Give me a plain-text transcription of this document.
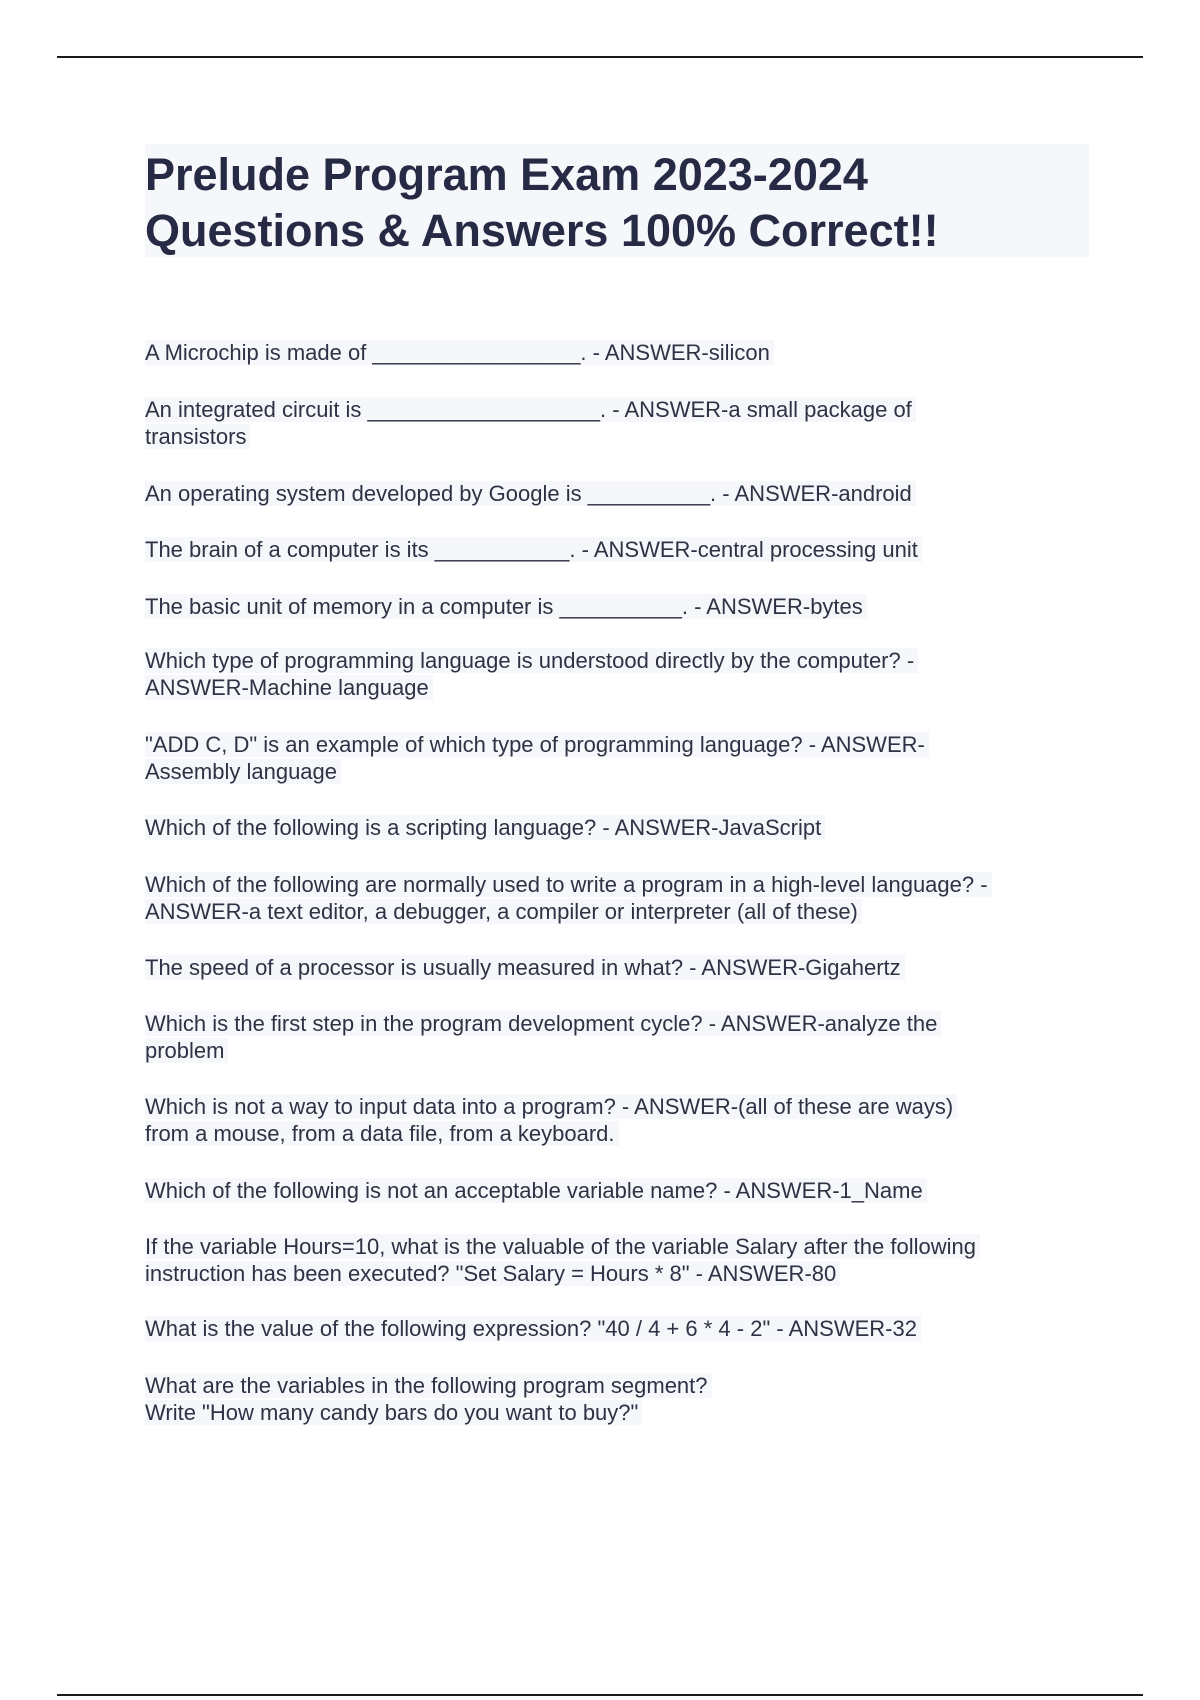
Prelude Program Exam 2023-2024
Questions & Answers 100% Correct!!
A Microchip is made of _________________. - ANSWER-silicon
An integrated circuit is ___________________. - ANSWER-a small package of
transistors
An operating system developed by Google is __________. - ANSWER-android
The brain of a computer is its ___________. - ANSWER-central processing unit
The basic unit of memory in a computer is __________. - ANSWER-bytes
Which type of programming language is understood directly by the computer? -
ANSWER-Machine language
"ADD C, D" is an example of which type of programming language? - ANSWER-
Assembly language
Which of the following is a scripting language? - ANSWER-JavaScript
Which of the following are normally used to write a program in a high-level language? -
ANSWER-a text editor, a debugger, a compiler or interpreter (all of these)
The speed of a processor is usually measured in what? - ANSWER-Gigahertz
Which is the first step in the program development cycle? - ANSWER-analyze the
problem
Which is not a way to input data into a program? - ANSWER-(all of these are ways)
from a mouse, from a data file, from a keyboard.
Which of the following is not an acceptable variable name? - ANSWER-1_Name
If the variable Hours=10, what is the valuable of the variable Salary after the following
instruction has been executed? "Set Salary = Hours * 8" - ANSWER-80
What is the value of the following expression? "40 / 4 + 6 * 4 - 2" - ANSWER-32
What are the variables in the following program segment?
Write "How many candy bars do you want to buy?"
